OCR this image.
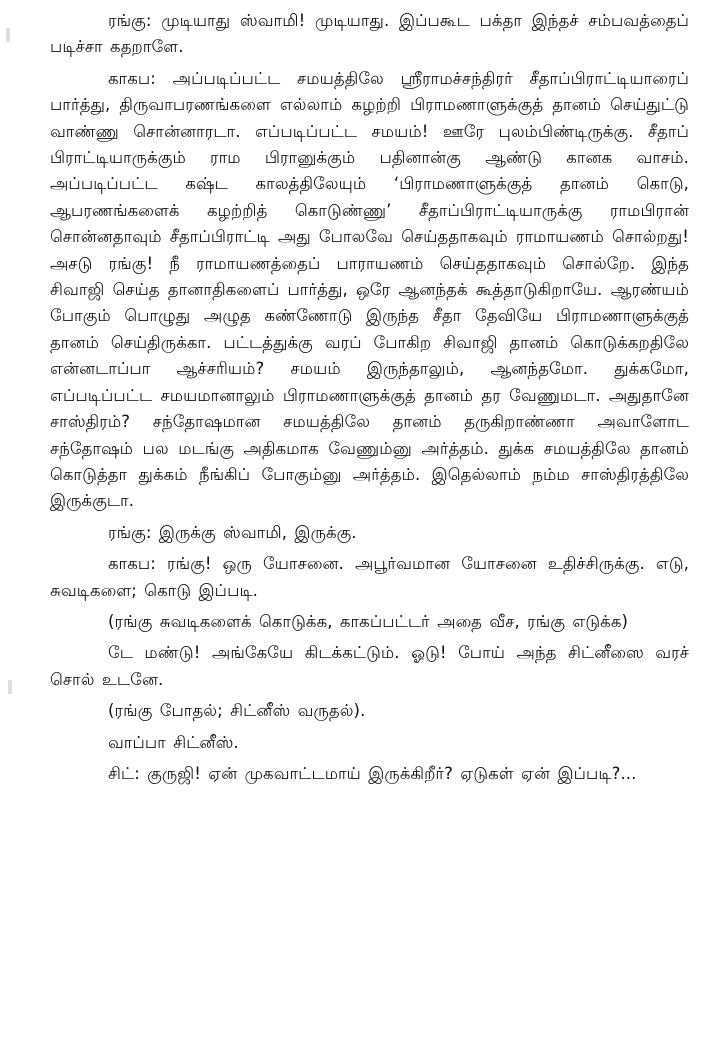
ரங்கு: முடியாது ஸ்வாமி! முடியாது. இப்பகூட பக்தா இந்தச் சம்பவத்தைப் படிச்சா கதறாளே.

காகப: அப்படிப்பட்ட சமயத்திலே ஸ்ரீராமச்சந்திரர் சீதாப்பிராட்டியாரைப் பார்த்து, திருவாபரணங்களை எல்லாம் கழற்றி பிராமணாளுக்குத் தானம் செய்துட்டு வாண்ணு சொன்னாரடா. எப்படிப்பட்ட சமயம்! ஊரே புலம்பிண்டிருக்கு. சீதாப் பிராட்டியாருக்கும் ராம பிரானுக்கும் பதினான்கு ஆண்டு கானக வாசம். அப்படிப்பட்ட கஷ்ட காலத்திலேயும் ‘பிராமணாளுக்குத் தானம் கொடு, ஆபரணங்களைக் கழற்றித் கொடுண்ணு’ சீதாப்பிராட்டியாருக்கு ராமபிரான் சொன்னதாவும் சீதாப்பிராட்டி அது போலவே செய்ததாகவும் ராமாயணம் சொல்றது! அசடு ரங்கு! நீ ராமாயணத்தைப் பாராயணம் செய்ததாகவும் சொல்றே. இந்த சிவாஜி செய்த தானாதிகளைப் பார்த்து, ஒரே ஆனந்தக் கூத்தாடுகிறாயே. ஆரண்யம் போகும் பொழுது அழுத கண்ணோடு இருந்த சீதா தேவியே பிராமணாளுக்குத் தானம் செய்திருக்கா. பட்டத்துக்கு வரப் போகிற சிவாஜி தானம் கொடுக்கறதிலே என்னடாப்பா ஆச்சரியம்? சமயம் இருந்தாலும், ஆனந்தமோ. துக்கமோ, எப்படிப்பட்ட சமயமானாலும் பிராமணாளுக்குத் தானம் தர வேணுமடா. அதுதானே சாஸ்திரம்? சந்தோஷமான சமயத்திலே தானம் தருகிறாண்ணா அவாளோட சந்தோஷம் பல மடங்கு அதிகமாக வேணும்னு அர்த்தம். துக்க சமயத்திலே தானம் கொடுத்தா துக்கம் நீங்கிப் போகும்னு அர்த்தம். இதெல்லாம் நம்ம சாஸ்திரத்திலே இருக்குடா.

ரங்கு: இருக்கு ஸ்வாமி, இருக்கு.

காகப: ரங்கு! ஒரு யோசனை. அபூர்வமான யோசனை உதிச்சிருக்கு. எடு, சுவடிகளை; கொடு இப்படி.

(ரங்கு சுவடிகளைக் கொடுக்க, காகப்பட்டர் அதை வீச, ரங்கு எடுக்க)

டே மண்டு! அங்கேயே கிடக்கட்டும். ஓடு! போய் அந்த சிட்னீஸை வரச் சொல் உடனே.

(ரங்கு போதல்; சிட்னீஸ் வருதல்).

வாப்பா சிட்னீஸ்.

சிட்: குருஜி! ஏன் முகவாட்டமாய் இருக்கிறீர்? ஏடுகள் ஏன் இப்படி?...
